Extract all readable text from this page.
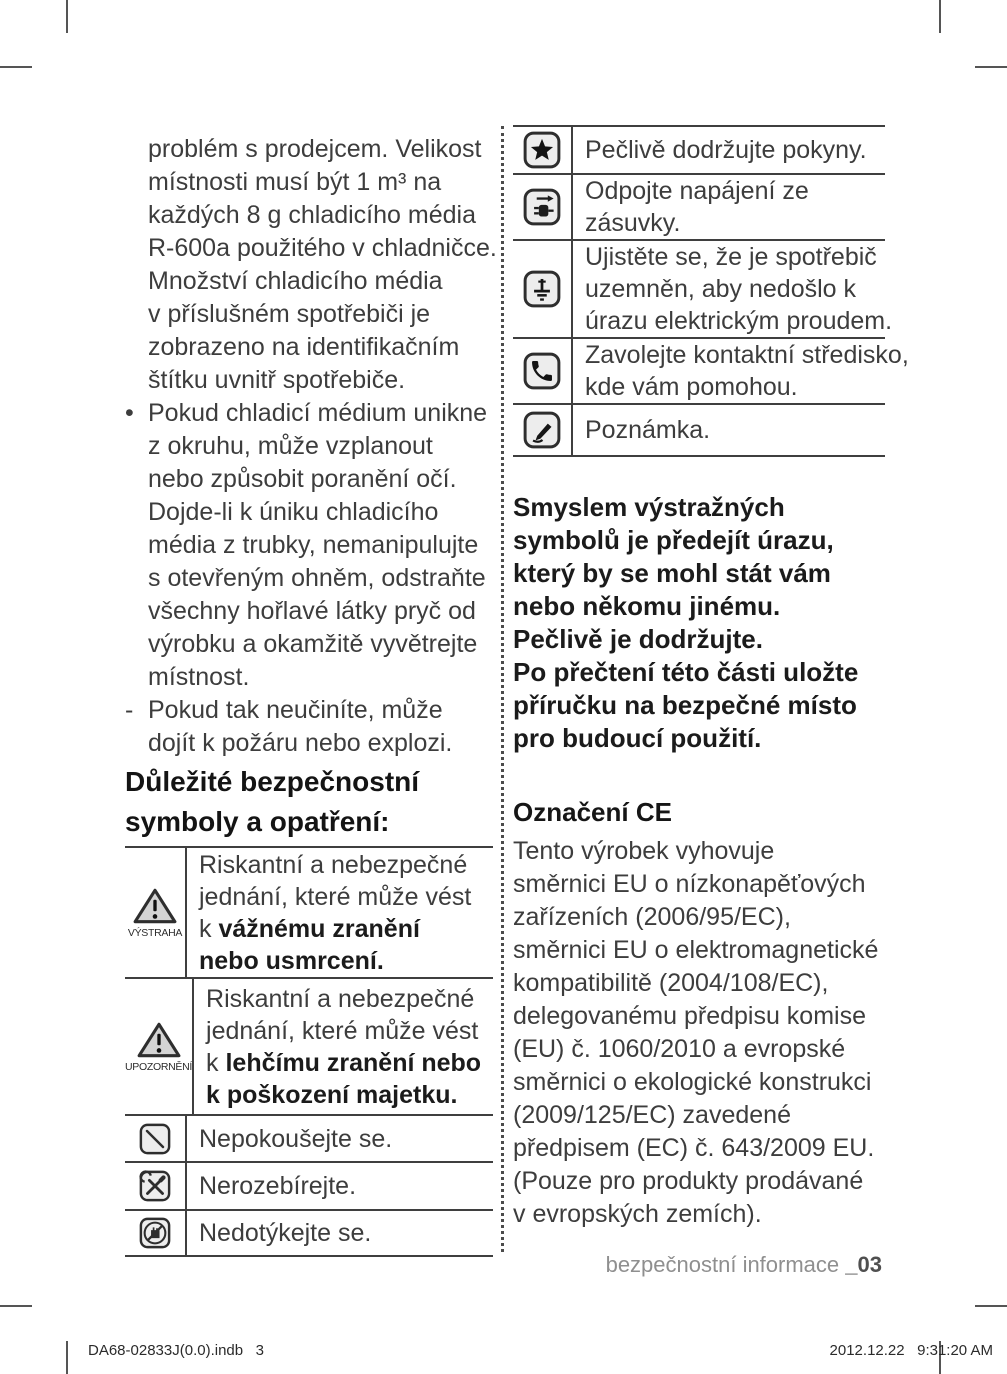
problém s prodejcem. Velikost
místnosti musí být 1 m³ na
každých 8 g chladicího média
R-600a použitého v chladničce.
Množství chladicího média
v příslušném spotřebiči je
zobrazeno na identifikačním
štítku uvnitř spotřebiče.
• Pokud chladicí médium unikne
z okruhu, může vzplanout
nebo způsobit poranění očí.
Dojde-li k úniku chladicího
média z trubky, nemanipulujte
s otevřeným ohněm, odstraňte
všechny hořlavé látky pryč od
výrobku a okamžitě vyvětrejte
místnost.
- Pokud tak neučiníte, může
dojít k požáru nebo explozi.
Důležité bezpečnostní
symboly a opatření:
VÝSTRAHA
Riskantní a nebezpečné
jednání, které může vést
k vážnému zranění
nebo usmrcení.
UPOZORNĚNÍ
Riskantní a nebezpečné
jednání, které může vést
k lehčímu zranění nebo
k poškození majetku.
Nepokoušejte se.
Nerozebírejte.
Nedotýkejte se.
Pečlivě dodržujte pokyny.
Odpojte napájení ze
zásuvky.
Ujistěte se, že je spotřebič
uzemněn, aby nedošlo k
úrazu elektrickým proudem.
Zavolejte kontaktní středisko,
kde vám pomohou.
Poznámka.
Smyslem výstražných
symbolů je předejít úrazu,
který by se mohl stát vám
nebo někomu jinému.
Pečlivě je dodržujte.
Po přečtení této části uložte
příručku na bezpečné místo
pro budoucí použití.
Označení CE
Tento výrobek vyhovuje
směrnici EU o nízkonapěťových
zařízeních (2006/95/EC),
směrnici EU o elektromagnetické
kompatibilitě (2004/108/EC),
delegovanému předpisu komise
(EU) č. 1060/2010 a evropské
směrnici o ekologické konstrukci
(2009/125/EC) zavedené
předpisem (EC) č. 643/2009 EU.
(Pouze pro produkty prodávané
v evropských zemích).
bezpečnostní informace _03
DA68-02833J(0.0).indb   3	2012.12.22   9:31:20 AM
